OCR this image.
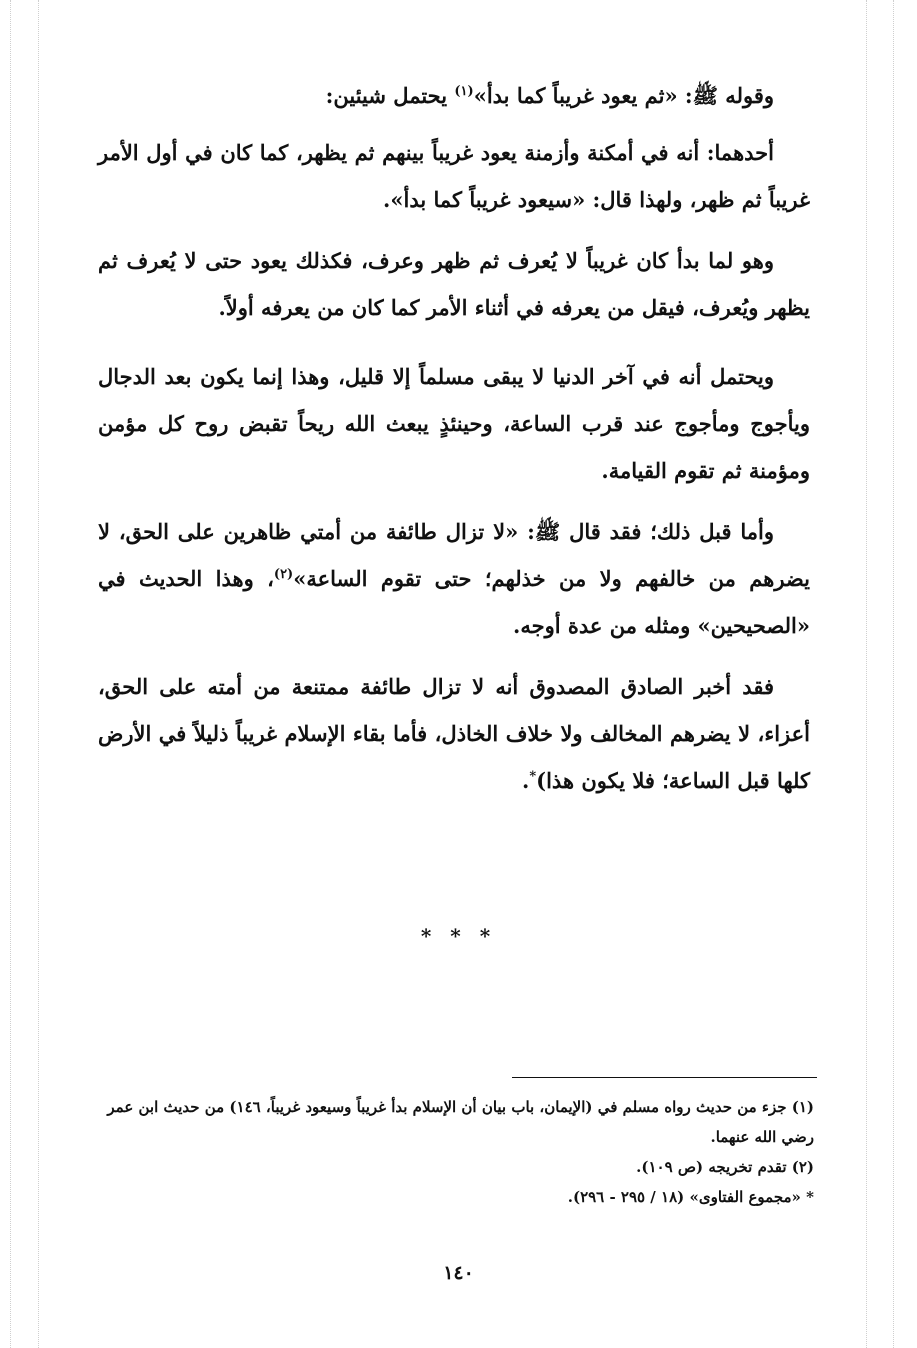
وقوله ﷺ: «ثم يعود غريباً كما بدأ»$^{(١)}$ يحتمل شيئين:

أحدهما: أنه في أمكنة وأزمنة يعود غريباً بينهم ثم يظهر، كما كان في أول الأمر غريباً ثم ظهر، ولهذا قال: «سيعود غريباً كما بدأ».

وهو لما بدأ كان غريباً لا يُعرف ثم ظهر وعرف، فكذلك يعود حتى لا يُعرف ثم يظهر ويُعرف، فيقل من يعرفه في أثناء الأمر كما كان من يعرفه أولاً.

ويحتمل أنه في آخر الدنيا لا يبقى مسلماً إلا قليل، وهذا إنما يكون بعد الدجال ويأجوج ومأجوج عند قرب الساعة، وحينئذٍ يبعث الله ريحاً تقبض روح كل مؤمن ومؤمنة ثم تقوم القيامة.

وأما قبل ذلك؛ فقد قال ﷺ: «لا تزال طائفة من أمتي ظاهرين على الحق، لا يضرهم من خالفهم ولا من خذلهم؛ حتى تقوم الساعة»$^{(٢)}$، وهذا الحديث في «الصحيحين» ومثله من عدة أوجه.

فقد أخبر الصادق المصدوق أنه لا تزال طائفة ممتنعة من أمته على الحق، أعزاء، لا يضرهم المخالف ولا خلاف الخاذل، فأما بقاء الإسلام غريباً ذليلاً في الأرض كلها قبل الساعة؛ فلا يكون هذا)*.

* * *

(١) جزء من حديث رواه مسلم في (الإيمان، باب بيان أن الإسلام بدأ غريباً وسيعود غريباً، ١٤٦) من حديث ابن عمر رضي الله عنهما.

(٢) تقدم تخريجه (ص ١٠٩).

* «مجموع الفتاوى» (١٨ / ٢٩٥ - ٢٩٦).

١٤٠
